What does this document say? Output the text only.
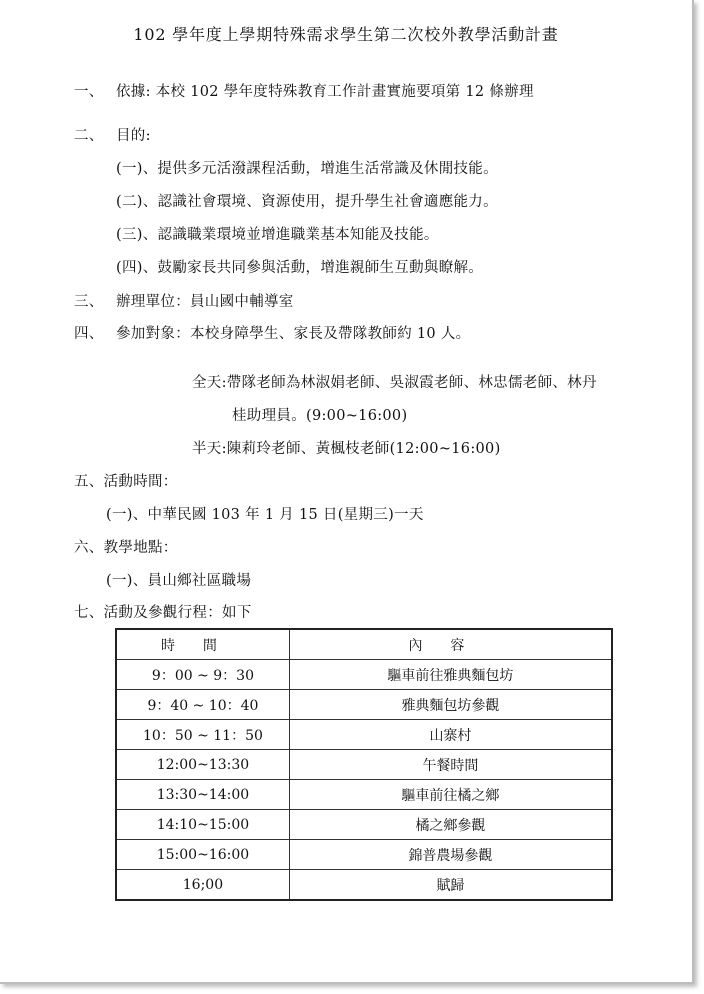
102 學年度上學期特殊需求學生第二次校外教學活動計畫
一、 依據: 本校 102 學年度特殊教育工作計畫實施要項第 12 條辦理
二、 目的:
(一)、提供多元活潑課程活動，增進生活常識及休閒技能。
(二)、認識社會環境、資源使用，提升學生社會適應能力。
(三)、認識職業環境並增進職業基本知能及技能。
(四)、鼓勵家長共同參與活動，增進親師生互動與瞭解。
三、 辦理單位：員山國中輔導室
四、 參加對象：本校身障學生、家長及帶隊教師約 10 人。
全天:帶隊老師為林淑娟老師、吳淑霞老師、林忠儒老師、林丹
桂助理員。(9:00~16:00)
半天:陳莉玲老師、黃楓枝老師(12:00~16:00)
五、活動時間：
(一)、中華民國 103 年 1 月 15 日(星期三)一天
六、教學地點：
(一)、員山鄉社區職場
七、活動及參觀行程：如下
時間	內容
9：00 ~ 9：30	驅車前往雅典麵包坊
9：40 ~ 10：40	雅典麵包坊參觀
10：50 ~ 11：50	山寨村
12:00~13:30	午餐時間
13:30~14:00	驅車前往橘之鄉
14:10~15:00	橘之鄉參觀
15:00~16:00	錦普農場參觀
16;00	賦歸
